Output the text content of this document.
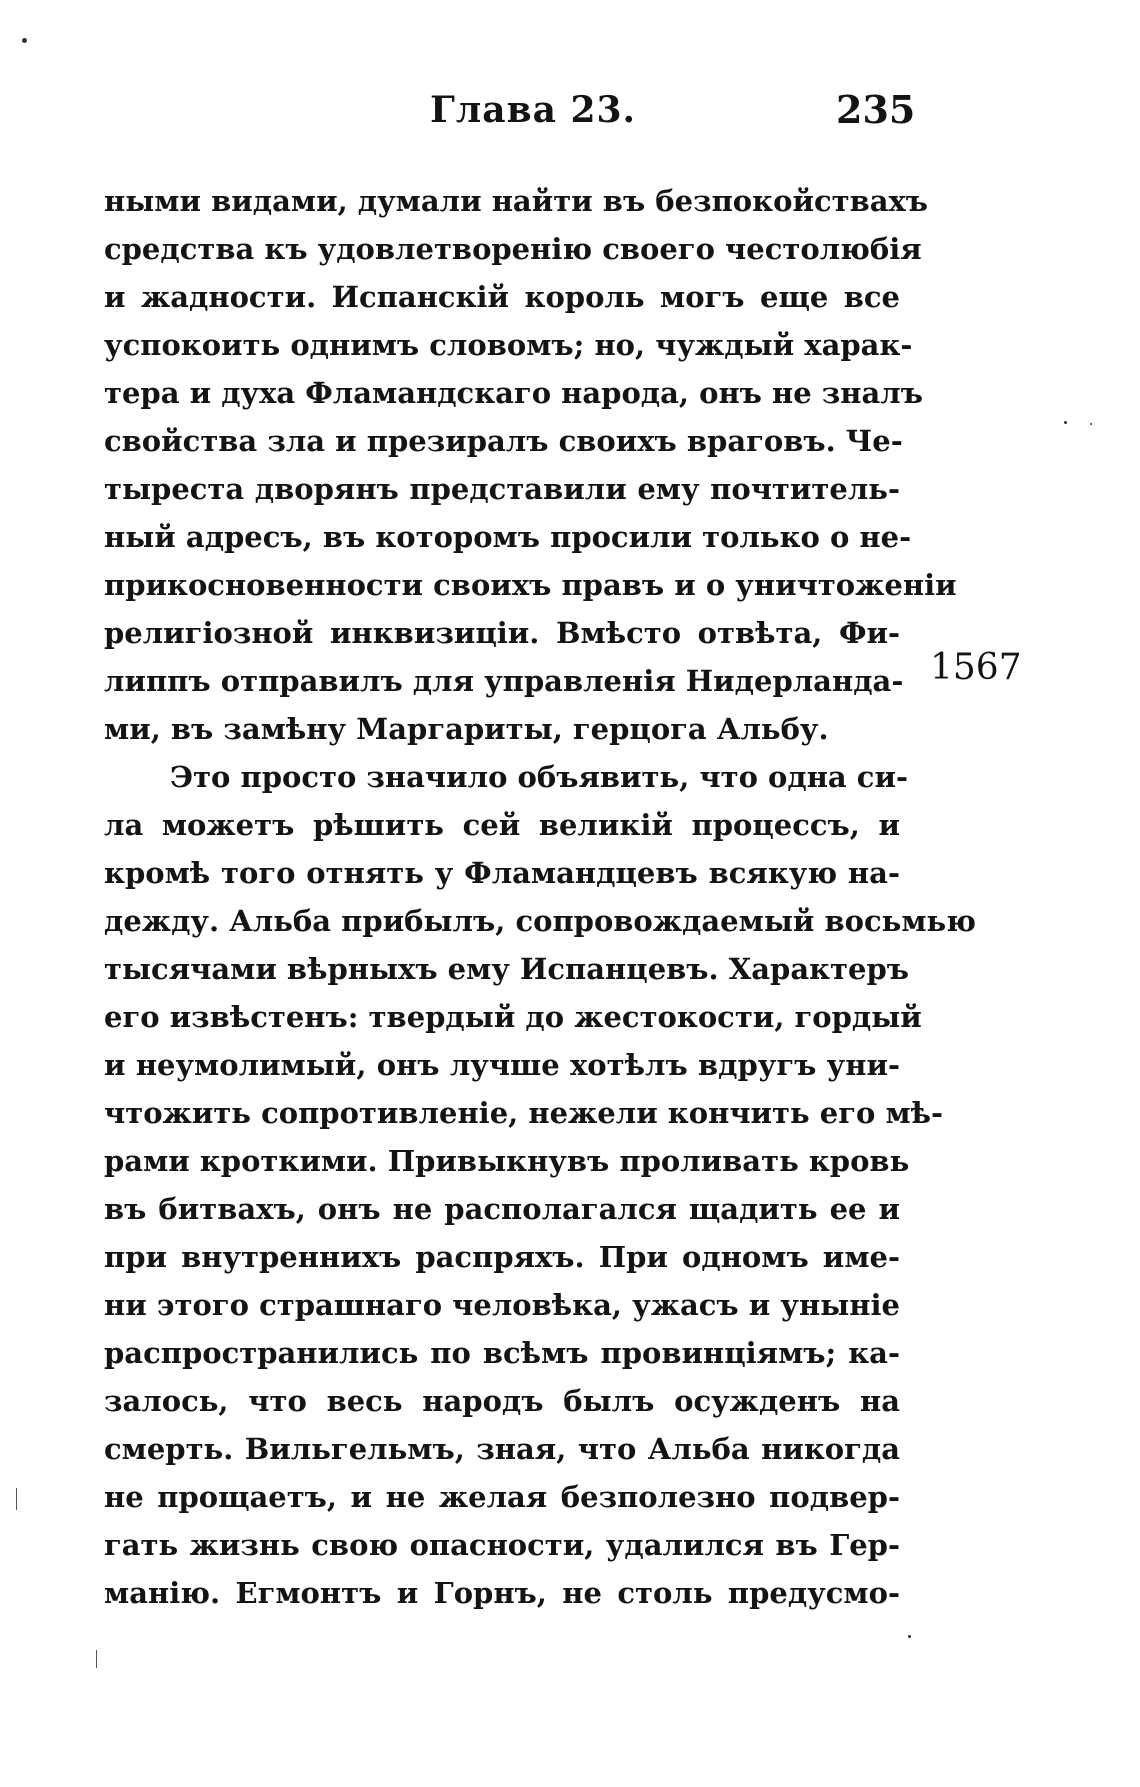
Глава 23.	235
ными видами, думали найти въ безпокойствахъ
средства къ удовлетворенію своего честолюбія
и жадности. Испанскій король могъ еще все
успокоить однимъ словомъ; но, чуждый харак-
тера и духа Фламандскаго народа, онъ не зналъ
свойства зла и презиралъ своихъ враговъ. Че-
тыреста дворянъ представили ему почтитель-
ный адресъ, въ которомъ просили только о не-
прикосновенности своихъ правъ и о уничтоженіи
религіозной инквизиціи. Вмѣсто отвѣта, Фи-
липпъ отправилъ для управленія Нидерланда-
ми, въ замѣну Маргариты, герцога Альбу.
1567
Это просто значило объявить, что одна си-
ла можетъ рѣшить сей великій процессъ, и
кромѣ того отнять у Фламандцевъ всякую на-
дежду. Альба прибылъ, сопровождаемый восьмью
тысячами вѣрныхъ ему Испанцевъ. Характеръ
его извѣстенъ: твердый до жестокости, гордый
и неумолимый, онъ лучше хотѣлъ вдругъ уни-
чтожить сопротивленіе, нежели кончить его мѣ-
рами кроткими. Привыкнувъ проливать кровь
въ битвахъ, онъ не располагался щадить ее и
при внутреннихъ распряхъ. При одномъ име-
ни этого страшнаго человѣка, ужасъ и уныніе
распространились по всѣмъ провинціямъ; ка-
залось, что весь народъ былъ осужденъ на
смерть. Вильгельмъ, зная, что Альба никогда
не прощаетъ, и не желая безполезно подвер-
гать жизнь свою опасности, удалился въ Гер-
манію. Егмонтъ и Горнъ, не столь предусмо-
